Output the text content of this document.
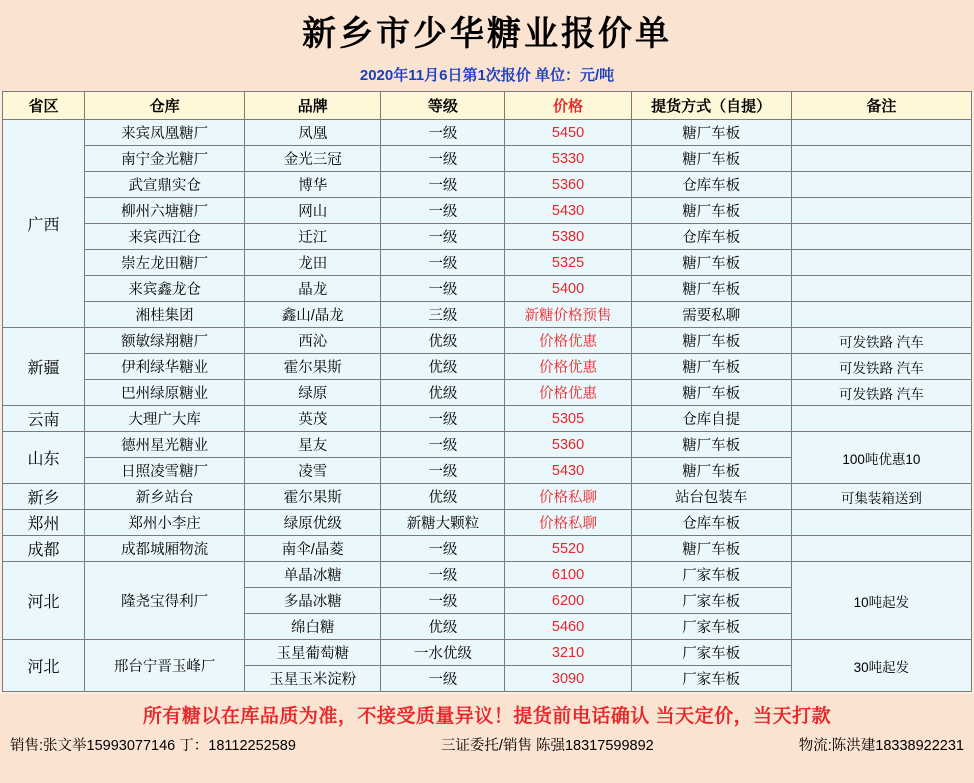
新乡市少华糖业报价单
2020年11月6日第1次报价 单位：元/吨
省区	仓库	品牌	等级	价格	提货方式（自提）	备注
广西	来宾凤凰糖厂	凤凰	一级	5450	糖厂车板	
	南宁金光糖厂	金光三冠	一级	5330	糖厂车板	
	武宣鼎实仓	博华	一级	5360	仓库车板	
	柳州六塘糖厂	网山	一级	5430	糖厂车板	
	来宾西江仓	迁江	一级	5380	仓库车板	
	崇左龙田糖厂	龙田	一级	5325	糖厂车板	
	来宾鑫龙仓	晶龙	一级	5400	糖厂车板	
	湘桂集团	鑫山/晶龙	三级	新糖价格预售	需要私聊	
新疆	额敏绿翔糖厂	西沁	优级	价格优惠	糖厂车板	可发铁路 汽车
	伊利绿华糖业	霍尔果斯	优级	价格优惠	糖厂车板	可发铁路 汽车
	巴州绿原糖业	绿原	优级	价格优惠	糖厂车板	可发铁路 汽车
云南	大理广大库	英茂	一级	5305	仓库自提	
山东	德州星光糖业	星友	一级	5360	糖厂车板	100吨优惠10
	日照凌雪糖厂	凌雪	一级	5430	糖厂车板	
新乡	新乡站台	霍尔果斯	优级	价格私聊	站台包装车	可集装箱送到
郑州	郑州小李庄	绿原优级	新糖大颗粒	价格私聊	仓库车板	
成都	成都城厢物流	南伞/晶菱	一级	5520	糖厂车板	
河北	隆尧宝得利厂	单晶冰糖	一级	6100	厂家车板	10吨起发
		多晶冰糖	一级	6200	厂家车板	
		绵白糖	优级	5460	厂家车板	
河北	邢台宁晋玉峰厂	玉星葡萄糖	一水优级	3210	厂家车板	30吨起发
		玉星玉米淀粉	一级	3090	厂家车板	
所有糖以在库品质为准，不接受质量异议！提货前电话确认 当天定价，当天打款
销售:张文举15993077146 丁：18112252589	三证委托/销售 陈强18317599892	物流:陈洪建18338922231
